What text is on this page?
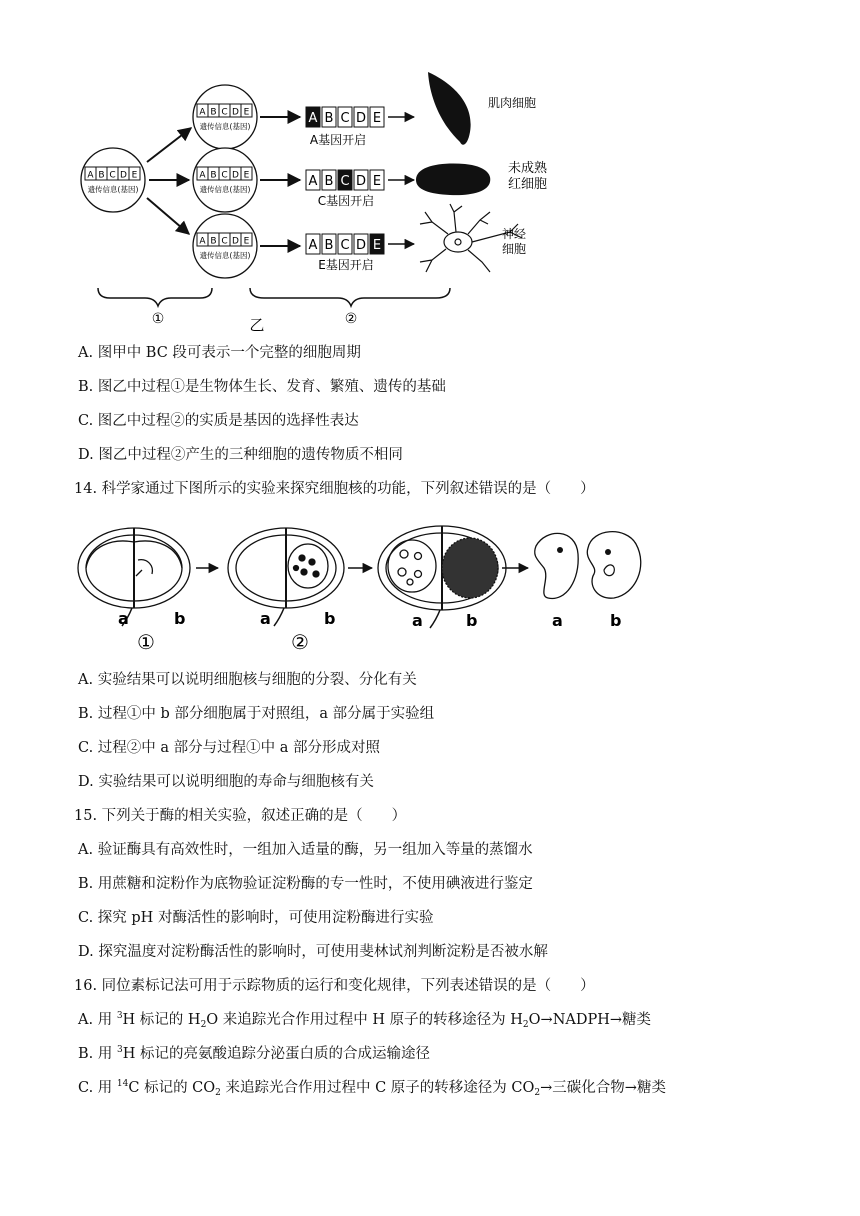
A B C D E
遗传信息(基因)
A B C D E
遗传信息(基因)
A B C D E
遗传信息(基因)
A B C D E
遗传信息(基因)
A B C D E
A基因开启
A B C D E
C基因开启
A B C D E
E基因开启
肌肉细胞
未成熟
红细胞
神经
细胞
①	②
乙
A. 图甲中 BC 段可表示一个完整的细胞周期
B. 图乙中过程①是生物体生长、发育、繁殖、遗传的基础
C. 图乙中过程②的实质是基因的选择性表达
D. 图乙中过程②产生的三种细胞的遗传物质不相同
14. 科学家通过下图所示的实验来探究细胞核的功能，下列叙述错误的是（　　）
a	b
①
a	b
②
a	b	a	b
A. 实验结果可以说明细胞核与细胞的分裂、分化有关
B. 过程①中 b 部分细胞属于对照组，a 部分属于实验组
C. 过程②中 a 部分与过程①中 a 部分形成对照
D. 实验结果可以说明细胞的寿命与细胞核有关
15. 下列关于酶的相关实验，叙述正确的是（　　）
A. 验证酶具有高效性时，一组加入适量的酶，另一组加入等量的蒸馏水
B. 用蔗糖和淀粉作为底物验证淀粉酶的专一性时，不使用碘液进行鉴定
C. 探究 pH 对酶活性的影响时，可使用淀粉酶进行实验
D. 探究温度对淀粉酶活性的影响时，可使用斐林试剂判断淀粉是否被水解
16. 同位素标记法可用于示踪物质的运行和变化规律，下列表述错误的是（　　）
A. 用 $^3$H 标记的 $H_2O$ 来追踪光合作用过程中 H 原子的转移途径为 $H_2O\to NADPH\to$糖类
B. 用 $^3$H 标记的亮氨酸追踪分泌蛋白质的合成运输途径
C. 用 $^{14}$C 标记的 $CO_2$ 来追踪光合作用过程中 C 原子的转移途径为 $CO_2\to$三碳化合物→糖类
